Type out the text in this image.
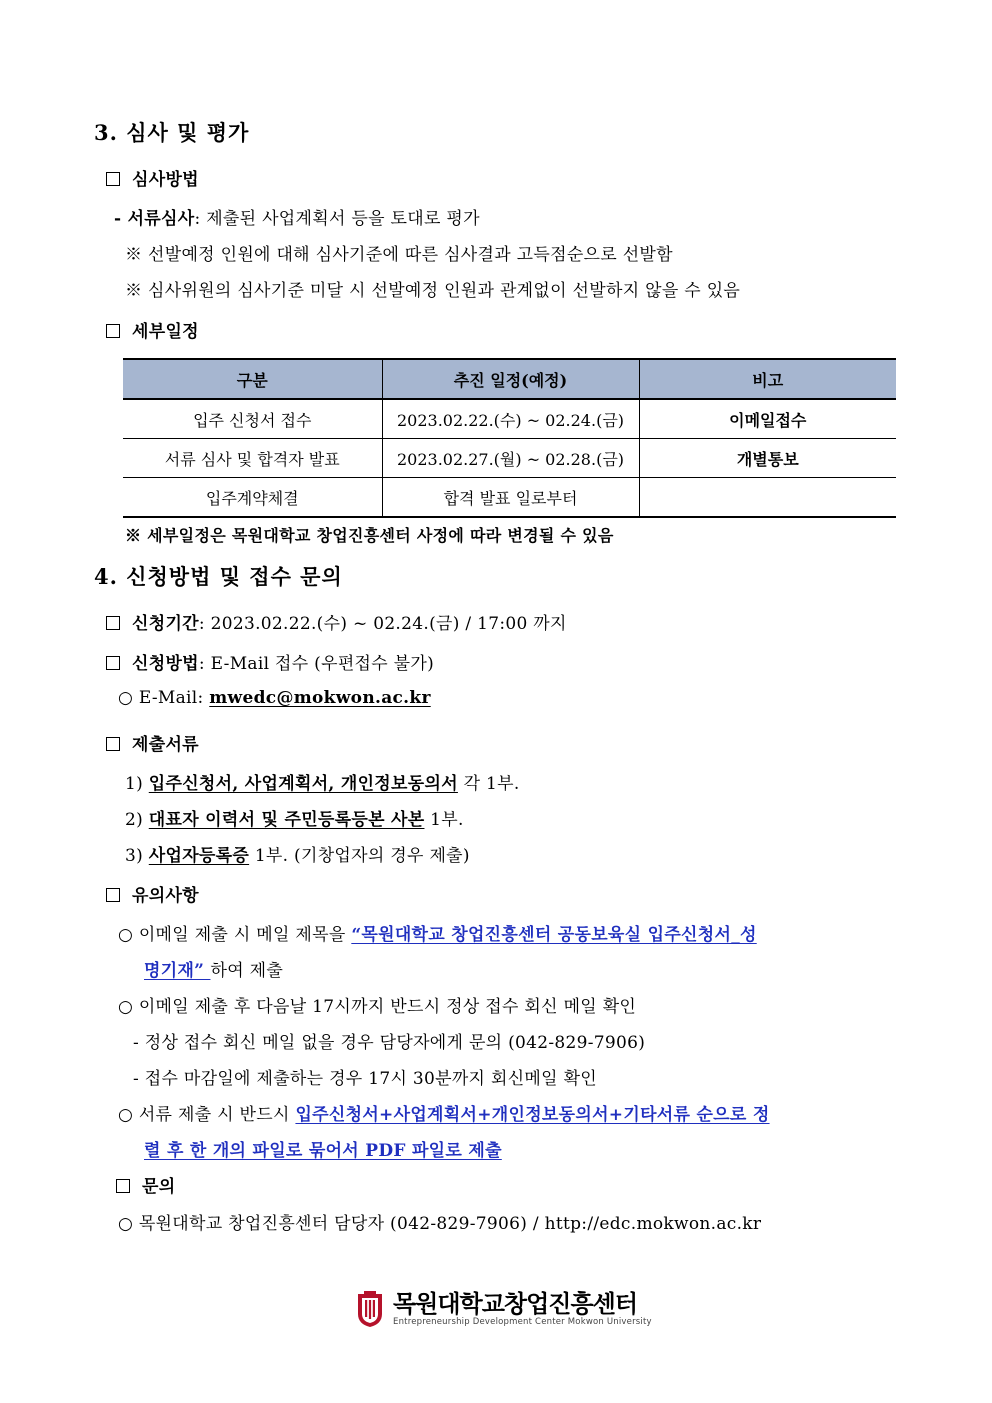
3. 심사 및 평가
심사방법
- 서류심사: 제출된 사업계획서 등을 토대로 평가
※ 선발예정 인원에 대해 심사기준에 따른 심사결과 고득점순으로 선발함
※ 심사위원의 심사기준 미달 시 선발예정 인원과 관계없이 선발하지 않을 수 있음
세부일정
구분	추진 일정(예정)	비고
입주 신청서 접수	2023.02.22.(수) ~ 02.24.(금)	이메일접수
서류 심사 및 합격자 발표	2023.02.27.(월) ~ 02.28.(금)	개별통보
입주계약체결	합격 발표 일로부터	
※ 세부일정은 목원대학교 창업진흥센터 사정에 따라 변경될 수 있음
4. 신청방법 및 접수 문의
신청기간: 2023.02.22.(수) ~ 02.24.(금) / 17:00 까지
신청방법: E-Mail 접수 (우편접수 불가)
○ E-Mail: mwedc@mokwon.ac.kr
제출서류
1) 입주신청서, 사업계획서, 개인정보동의서 각 1부.
2) 대표자 이력서 및 주민등록등본 사본 1부.
3) 사업자등록증 1부. (기창업자의 경우 제출)
유의사항
○ 이메일 제출 시 메일 제목을 “목원대학교 창업진흥센터 공동보육실 입주신청서_성
명기재” 하여 제출
○ 이메일 제출 후 다음날 17시까지 반드시 정상 접수 회신 메일 확인
- 정상 접수 회신 메일 없을 경우 담당자에게 문의 (042-829-7906)
- 접수 마감일에 제출하는 경우 17시 30분까지 회신메일 확인
○ 서류 제출 시 반드시 입주신청서+사업계획서+개인정보동의서+기타서류 순으로 정
렬 후 한 개의 파일로 묶어서 PDF 파일로 제출
문의
○ 목원대학교 창업진흥센터 담당자 (042-829-7906) / http://edc.mokwon.ac.kr
목원대학교창업진흥센터
Entrepreneurship Development Center Mokwon University
